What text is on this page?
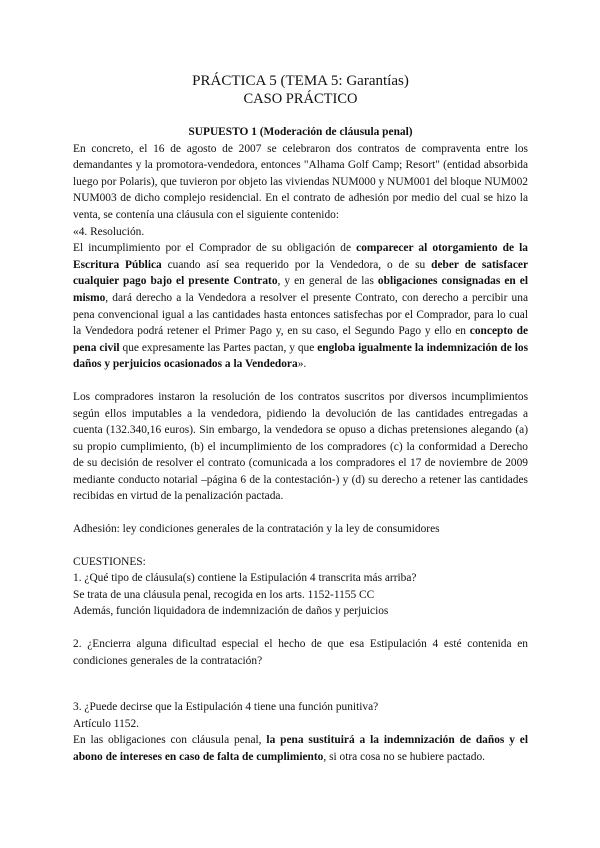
PRÁCTICA 5 (TEMA 5: Garantías)
CASO PRÁCTICO

SUPUESTO 1 (Moderación de cláusula penal)

En concreto, el 16 de agosto de 2007 se celebraron dos contratos de compraventa entre los demandantes y la promotora-vendedora, entonces "Alhama Golf Camp; Resort" (entidad absorbida luego por Polaris), que tuvieron por objeto las viviendas NUM000 y NUM001 del bloque NUM002 NUM003 de dicho complejo residencial. En el contrato de adhesión por medio del cual se hizo la venta, se contenía una cláusula con el siguiente contenido:

«4. Resolución.

El incumplimiento por el Comprador de su obligación de comparecer al otorgamiento de la Escritura Pública cuando así sea requerido por la Vendedora, o de su deber de satisfacer cualquier pago bajo el presente Contrato, y en general de las obligaciones consignadas en el mismo, dará derecho a la Vendedora a resolver el presente Contrato, con derecho a percibir una pena convencional igual a las cantidades hasta entonces satisfechas por el Comprador, para lo cual la Vendedora podrá retener el Primer Pago y, en su caso, el Segundo Pago y ello en concepto de pena civil que expresamente las Partes pactan, y que engloba igualmente la indemnización de los daños y perjuicios ocasionados a la Vendedora».

Los compradores instaron la resolución de los contratos suscritos por diversos incumplimientos según ellos imputables a la vendedora, pidiendo la devolución de las cantidades entregadas a cuenta (132.340,16 euros). Sin embargo, la vendedora se opuso a dichas pretensiones alegando (a) su propio cumplimiento, (b) el incumplimiento de los compradores (c) la conformidad a Derecho de su decisión de resolver el contrato (comunicada a los compradores el 17 de noviembre de 2009 mediante conducto notarial –página 6 de la contestación-) y (d) su derecho a retener las cantidades recibidas en virtud de la penalización pactada.

Adhesión: ley condiciones generales de la contratación y la ley de consumidores

CUESTIONES:

1. ¿Qué tipo de cláusula(s) contiene la Estipulación 4 transcrita más arriba?

Se trata de una cláusula penal, recogida en los arts. 1152-1155 CC

Además, función liquidadora de indemnización de daños y perjuicios

2. ¿Encierra alguna dificultad especial el hecho de que esa Estipulación 4 esté contenida en condiciones generales de la contratación?

3. ¿Puede decirse que la Estipulación 4 tiene una función punitiva?

Artículo 1152.

En las obligaciones con cláusula penal, la pena sustituirá a la indemnización de daños y el abono de intereses en caso de falta de cumplimiento, si otra cosa no se hubiere pactado.
